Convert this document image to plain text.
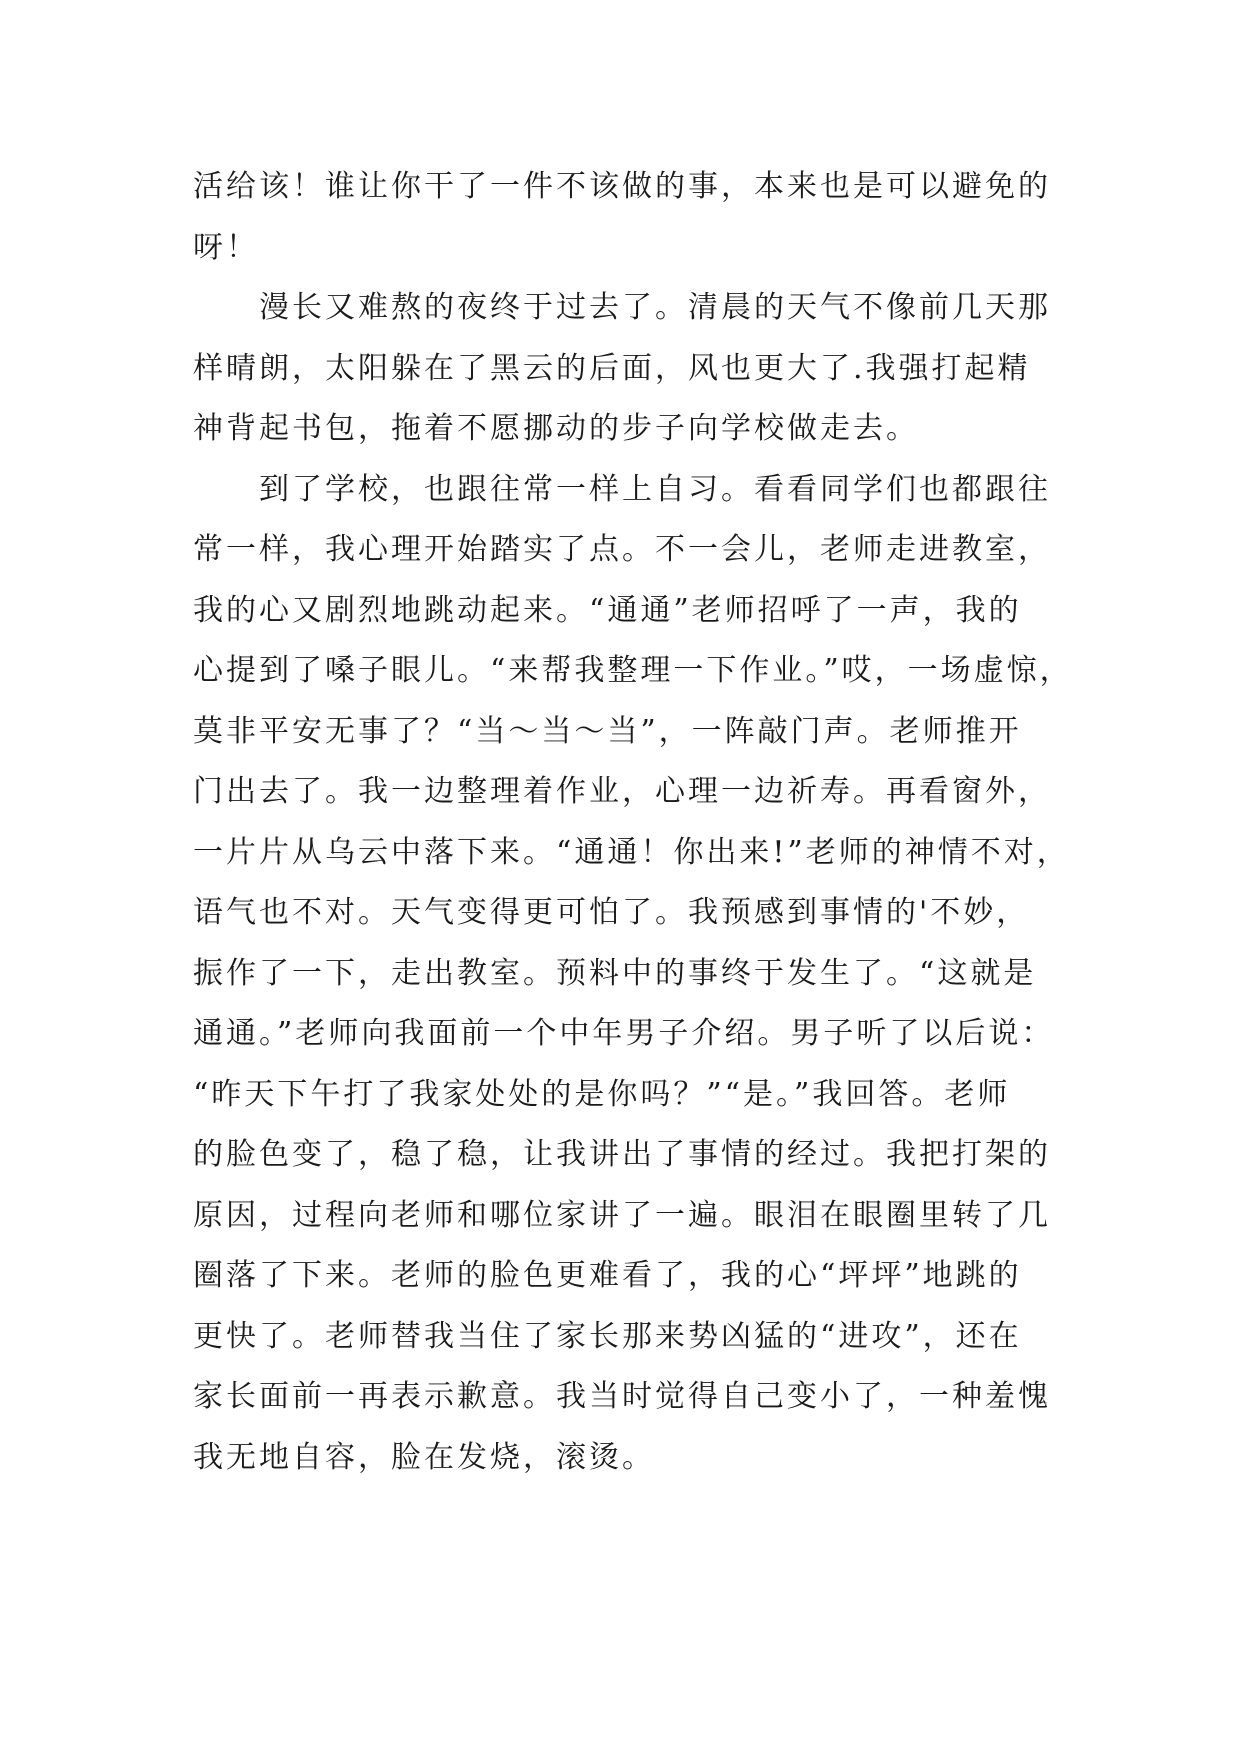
活给该！谁让你干了一件不该做的事，本来也是可以避免的
呀！
　　漫长又难熬的夜终于过去了。清晨的天气不像前几天那
样晴朗，太阳躲在了黑云的后面，风也更大了.我强打起精
神背起书包，拖着不愿挪动的步子向学校做走去。
　　到了学校，也跟往常一样上自习。看看同学们也都跟往
常一样，我心理开始踏实了点。不一会儿，老师走进教室，
我的心又剧烈地跳动起来。“通通”老师招呼了一声，我的
心提到了嗓子眼儿。“来帮我整理一下作业。”哎，一场虚惊，
莫非平安无事了？“当～当～当”，一阵敲门声。老师推开
门出去了。我一边整理着作业，心理一边祈寿。再看窗外，
一片片从乌云中落下来。“通通！你出来!”老师的神情不对，
语气也不对。天气变得更可怕了。我预感到事情的'不妙，
振作了一下，走出教室。预料中的事终于发生了。“这就是
通通。”老师向我面前一个中年男子介绍。男子听了以后说：
“昨天下午打了我家处处的是你吗？”“是。”我回答。老师
的脸色变了，稳了稳，让我讲出了事情的经过。我把打架的
原因，过程向老师和哪位家讲了一遍。眼泪在眼圈里转了几
圈落了下来。老师的脸色更难看了，我的心“坪坪”地跳的
更快了。老师替我当住了家长那来势凶猛的“进攻”，还在
家长面前一再表示歉意。我当时觉得自己变小了，一种羞愧
我无地自容，脸在发烧，滚烫。
